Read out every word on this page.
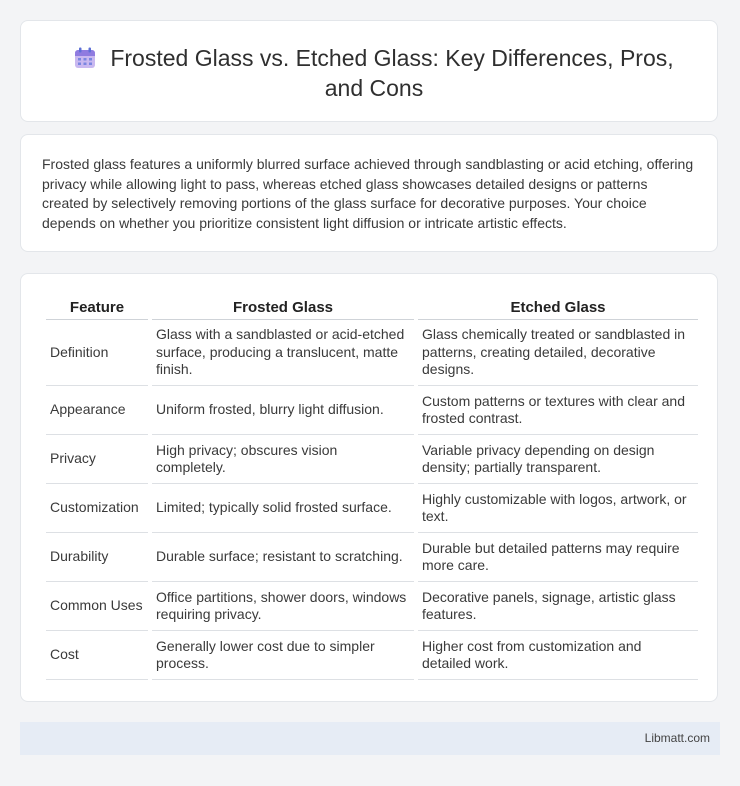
Frosted Glass vs. Etched Glass: Key Differences, Pros, and Cons
Frosted glass features a uniformly blurred surface achieved through sandblasting or acid etching, offering privacy while allowing light to pass, whereas etched glass showcases detailed designs or patterns created by selectively removing portions of the glass surface for decorative purposes. Your choice depends on whether you prioritize consistent light diffusion or intricate artistic effects.
Feature	Frosted Glass	Etched Glass
Definition	Glass with a sandblasted or acid-etched surface, producing a translucent, matte finish.	Glass chemically treated or sandblasted in patterns, creating detailed, decorative designs.
Appearance	Uniform frosted, blurry light diffusion.	Custom patterns or textures with clear and frosted contrast.
Privacy	High privacy; obscures vision completely.	Variable privacy depending on design density; partially transparent.
Customization	Limited; typically solid frosted surface.	Highly customizable with logos, artwork, or text.
Durability	Durable surface; resistant to scratching.	Durable but detailed patterns may require more care.
Common Uses	Office partitions, shower doors, windows requiring privacy.	Decorative panels, signage, artistic glass features.
Cost	Generally lower cost due to simpler process.	Higher cost from customization and detailed work.
Libmatt.com
